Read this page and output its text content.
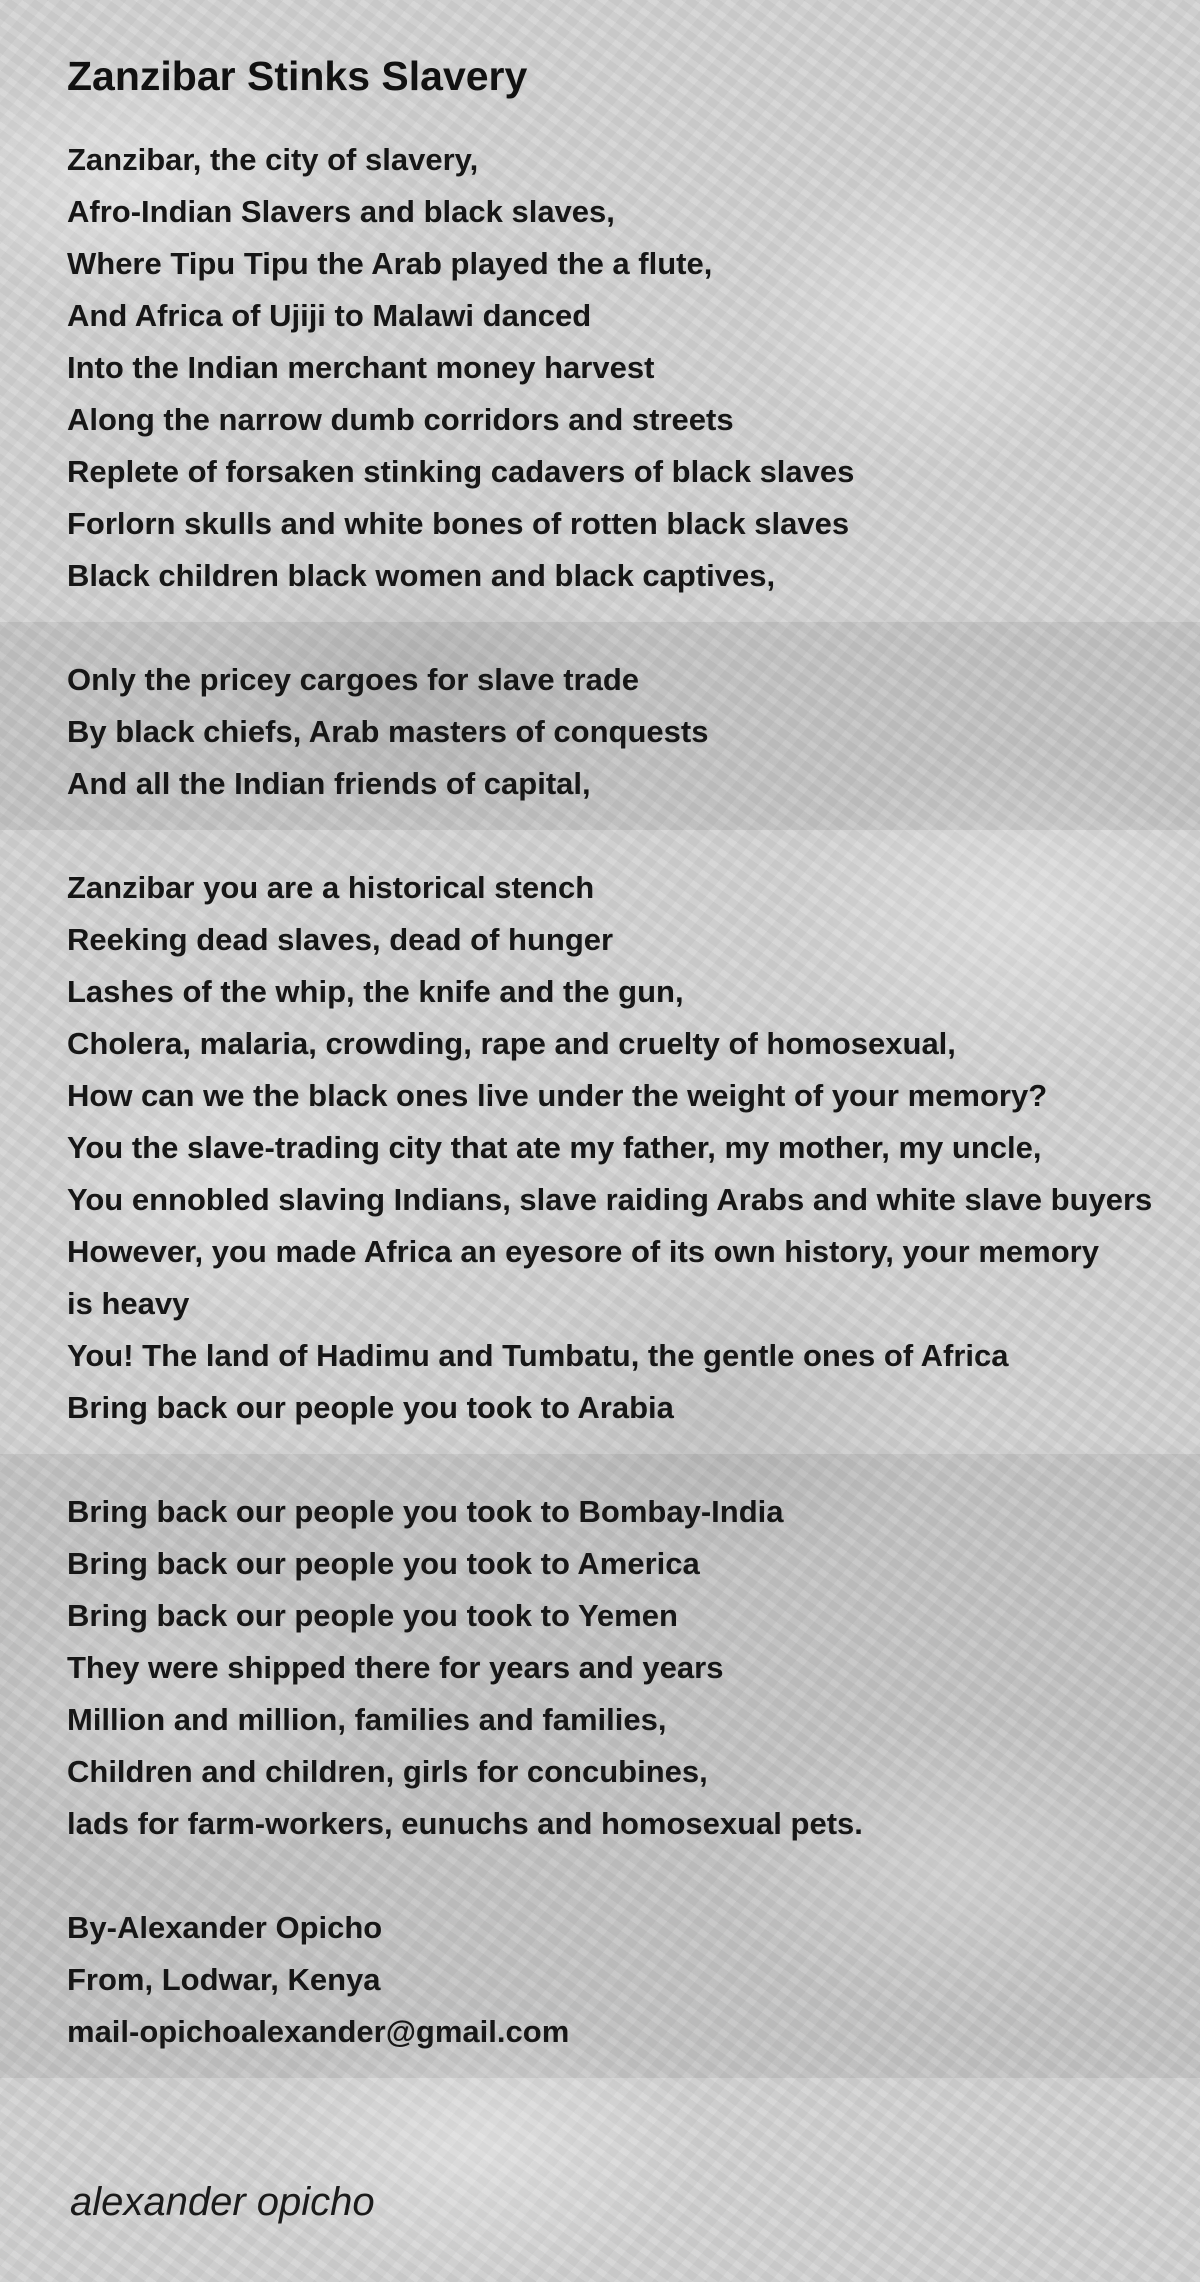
Zanzibar Stinks Slavery

Zanzibar, the city of slavery,
Afro-Indian Slavers and black slaves,
Where Tipu Tipu the Arab played the a flute,
And Africa of Ujiji to Malawi danced
Into the Indian merchant money harvest
Along the narrow dumb corridors and streets
Replete of forsaken stinking cadavers of black slaves
Forlorn skulls and white bones of rotten black slaves
Black children black women and black captives,

Only the pricey cargoes for slave trade
By black chiefs, Arab masters of conquests
And all the Indian friends of capital,

Zanzibar you are a historical stench
Reeking dead slaves, dead of hunger
Lashes of the whip, the knife and the gun,
Cholera, malaria, crowding, rape and cruelty of homosexual,
How can we the black ones live under the weight of your memory?
You the slave-trading city that ate my father, my mother, my uncle,
You ennobled slaving Indians, slave raiding Arabs and white slave buyers
However, you made Africa an eyesore of its own history, your memory
is heavy
You! The land of Hadimu and Tumbatu, the gentle ones of Africa
Bring back our people you took to Arabia

Bring back our people you took to Bombay-India
Bring back our people you took to America
Bring back our people you took to Yemen
They were shipped there for years and years
Million and million, families and families,
Children and children, girls for concubines,
lads for farm-workers, eunuchs and homosexual pets.

By-Alexander Opicho
From, Lodwar, Kenya
mail-opichoalexander@gmail.com

alexander opicho
